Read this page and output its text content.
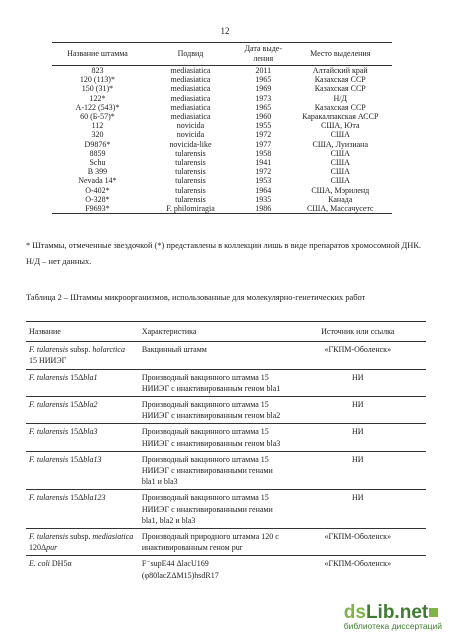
12
Название штамма	Подвид	Дата выде-
ления	Место выделения
823	mediasiatica	2011	Алтайский край
120 (113)*	mediasiatica	1965	Казахская ССР
150 (31)*	mediasiatica	1969	Казахская ССР
122*	mediasiatica	1973	Н/Д
А-122 (543)*	mediasiatica	1965	Казахская ССР
60 (Б-57)*	mediasiatica	1960	Каракалпакская АССР
112	novicida	1955	США, Юта
320	novicida	1972	США
D9876*	novicida-like	1977	США, Луизиана
8859	tularensis	1958	США
Schu	tularensis	1941	США
В 399	tularensis	1972	США
Nevada 14*	tularensis	1953	США
О-402*	tularensis	1964	США, Мэриленд
О-328*	tularensis	1935	Канада
F9693*	F. philomiragia	1986	США, Массачусетс
* Штаммы, отмеченные звездочкой (*) представлены в коллекции лишь в виде препаратов хромосомной ДНК. Н/Д – нет данных.
Таблица 2 – Штаммы микроорганизмов, использованные для молекулярно-генетических работ
Название	Характеристика	Источник или ссылка
F. tularensis subsp. holarctica
15 НИИЭГ	Вакцинный штамм	«ГКПМ-Оболенск»
F. tularensis 15Δbla1	Производный вакцинного штамма 15 НИИЭГ с инактивированным геном bla1	НИ
F. tularensis 15Δbla2	Производный вакцинного штамма 15 НИИЭГ с инактивированным геном bla2	НИ
F. tularensis 15Δbla3	Производный вакцинного штамма 15 НИИЭГ с инактивированным геном bla3	НИ
F. tularensis 15Δbla13	Производный вакцинного штамма 15 НИИЭГ с инактивированными генами bla1 и bla3	НИ
F. tularensis 15Δbla123	Производный вакцинного штамма 15 НИИЭГ с инактивированными генами bla1, bla2 и bla3	НИ
F. tularensis subsp. mediasiatica 120Δpur	Производный природного штамма 120 с инактивированным геном pur	«ГКПМ-Оболенск»
E. coli DH5α	F⁻supE44 ΔlacU169 (φ80lacZΔM15)hsdR17	«ГКПМ-Оболенск»
dsLib.net
библиотека диссертаций
